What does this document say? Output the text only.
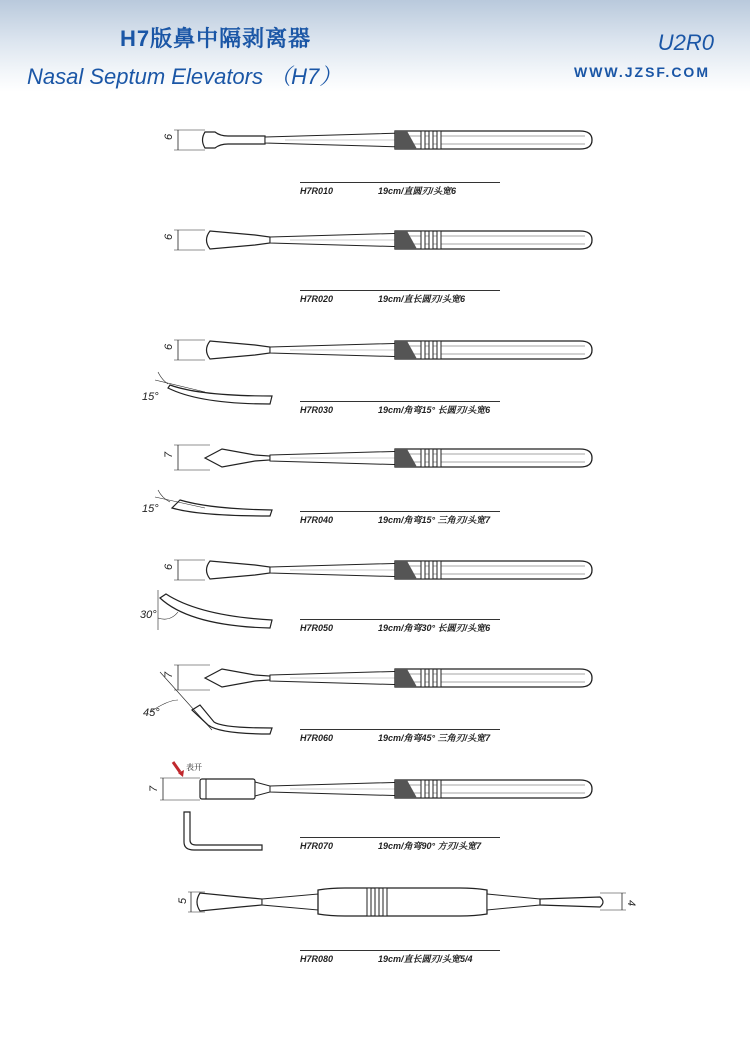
H7版鼻中隔剥离器
Nasal Septum Elevators （H7）
U2R0
WWW.JZSF.COM
6
6
6
7
6
7
7
5	4
15°
15°
30°
45°
表开
H7R010	19cm/直圆刃/头宽6
H7R020	19cm/直长圆刃/头宽6
H7R030	19cm/角弯15° 长圆刃/头宽6
H7R040	19cm/角弯15° 三角刃/头宽7
H7R050	19cm/角弯30° 长圆刃/头宽6
H7R060	19cm/角弯45° 三角刃/头宽7
H7R070	19cm/角弯90° 方刃/头宽7
H7R080	19cm/直长圆刃/头宽5/4
